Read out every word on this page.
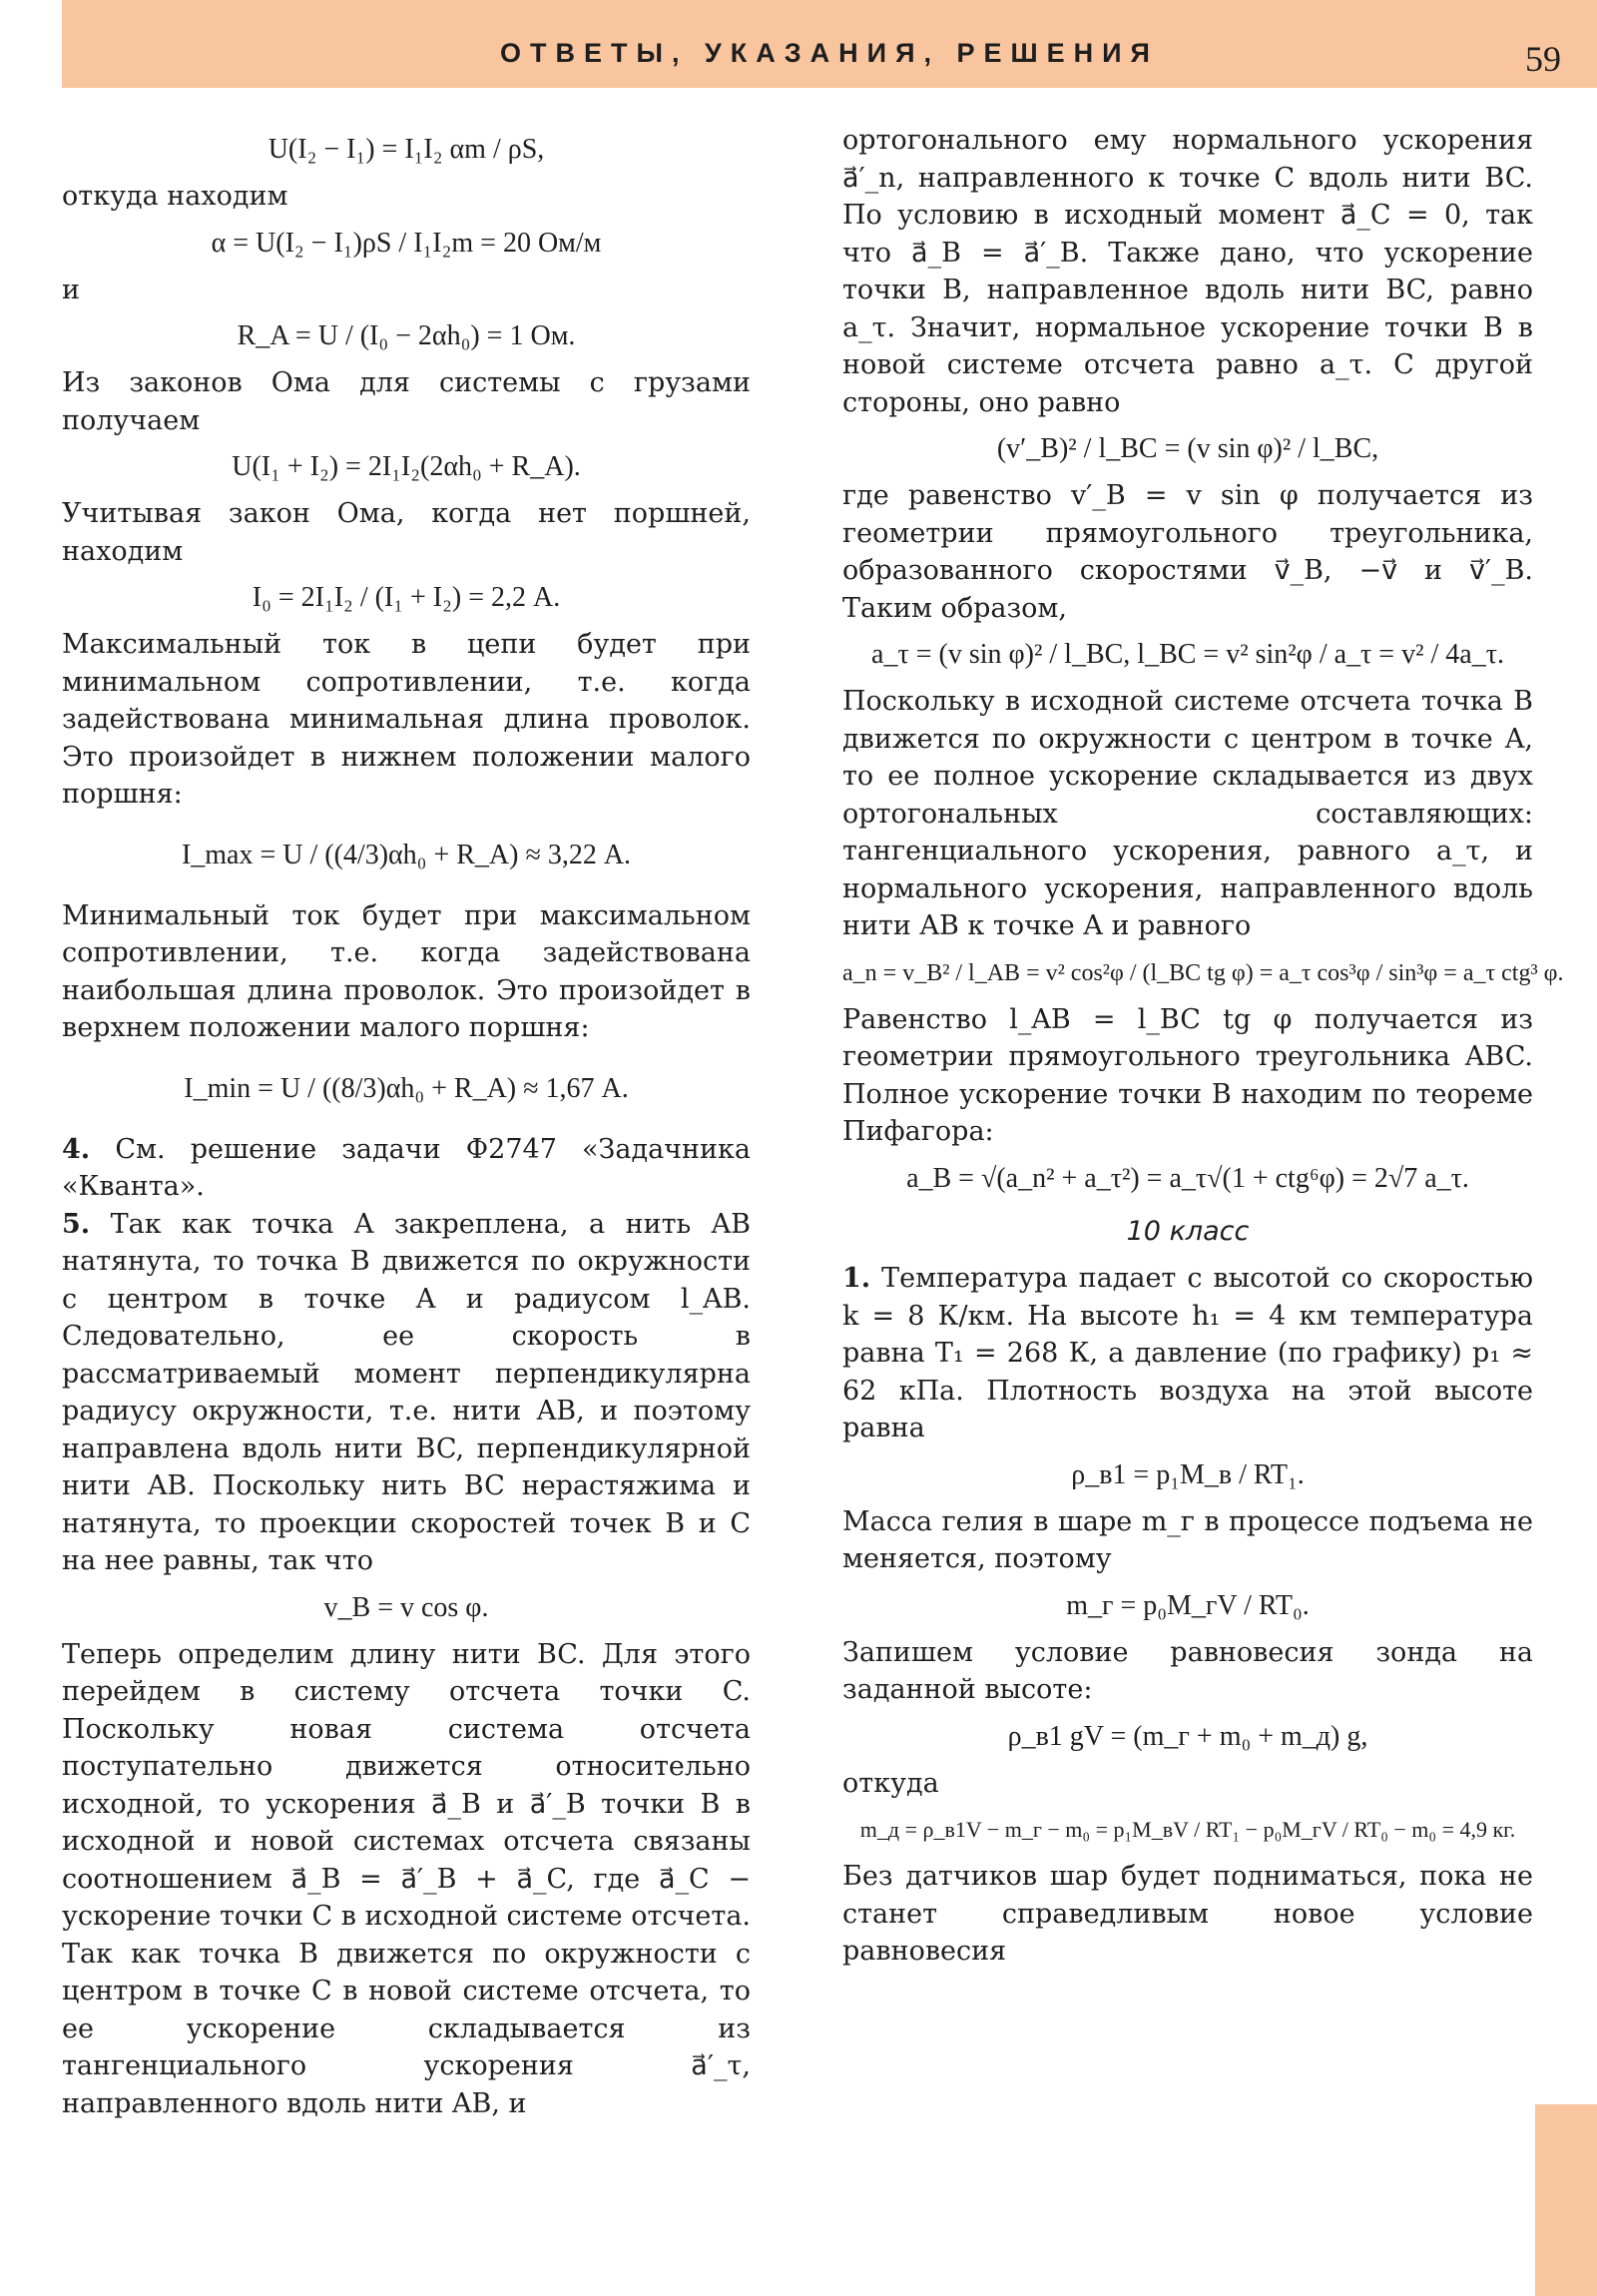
ОТВЕТЫ, УКАЗАНИЯ, РЕШЕНИЯ	59
U(I₂ − I₁) = I₁I₂ αm / ρS,

откуда находим

α = U(I₂ − I₁)ρS / I₁I₂m = 20 Ом/м

и

R_A = U / (I₀ − 2αh₀) = 1 Ом.

Из законов Ома для системы с грузами получаем

U(I₁ + I₂) = 2I₁I₂(2αh₀ + R_A).

Учитывая закон Ома, когда нет поршней, находим

I₀ = 2I₁I₂ / (I₁ + I₂) = 2,2 А.

Максимальный ток в цепи будет при минимальном сопротивлении, т.е. когда задействована минимальная длина проволок. Это произойдет в нижнем положении малого поршня:

I_max = U / ((4/3)αh₀ + R_A) ≈ 3,22 А.

Минимальный ток будет при максимальном сопротивлении, т.е. когда задействована наибольшая длина проволок. Это произойдет в верхнем положении малого поршня:

I_min = U / ((8/3)αh₀ + R_A) ≈ 1,67 А.

4. См. решение задачи Ф2747 «Задачника «Кванта».

5. Так как точка A закреплена, а нить AB натянута, то точка B движется по окружности с центром в точке A и радиусом l_AB. Следовательно, ее скорость в рассматриваемый момент перпендикулярна радиусу окружности, т.е. нити AB, и поэтому направлена вдоль нити BC, перпендикулярной нити AB. Поскольку нить BC нерастяжима и натянута, то проекции скоростей точек B и C на нее равны, так что

v_B = v cos φ.

Теперь определим длину нити BC. Для этого перейдем в систему отсчета точки C. Поскольку новая система отсчета поступательно движется относительно исходной, то ускорения a⃗_B и a⃗′_B точки B в исходной и новой системах отсчета связаны соотношением a⃗_B = a⃗′_B + a⃗_C, где a⃗_C − ускорение точки C в исходной системе отсчета. Так как точка B движется по окружности с центром в точке C в новой системе отсчета, то ее ускорение складывается из тангенциального ускорения a⃗′_τ, направленного вдоль нити AB, и

ортогонального ему нормального ускорения a⃗′_n, направленного к точке C вдоль нити BC. По условию в исходный момент a⃗_C = 0, так что a⃗_B = a⃗′_B. Также дано, что ускорение точки B, направленное вдоль нити BC, равно a_τ. Значит, нормальное ускорение точки B в новой системе отсчета равно a_τ. С другой стороны, оно равно

(v′_B)² / l_BC = (v sin φ)² / l_BC,

где равенство v′_B = v sin φ получается из геометрии прямоугольного треугольника, образованного скоростями v⃗_B, −v⃗ и v⃗′_B. Таким образом,

a_τ = (v sin φ)² / l_BC, l_BC = v² sin²φ / a_τ = v² / 4a_τ.

Поскольку в исходной системе отсчета точка B движется по окружности с центром в точке A, то ее полное ускорение складывается из двух ортогональных составляющих: тангенциального ускорения, равного a_τ, и нормального ускорения, направленного вдоль нити AB к точке A и равного

a_n = v_B² / l_AB = v² cos²φ / (l_BC tg φ) = a_τ cos³φ / sin³φ = a_τ ctg³ φ.

Равенство l_AB = l_BC tg φ получается из геометрии прямоугольного треугольника ABC. Полное ускорение точки B находим по теореме Пифагора:

a_B = √(a_n² + a_τ²) = a_τ√(1 + ctg⁶φ) = 2√7 a_τ.
10 класс

1. Температура падает с высотой со скоростью k = 8 К/км. На высоте h₁ = 4 км температура равна T₁ = 268 К, а давление (по графику) p₁ ≈ 62 кПа. Плотность воздуха на этой высоте равна

ρ_в1 = p₁M_в / RT₁.

Масса гелия в шаре m_г в процессе подъема не меняется, поэтому

m_г = p₀M_гV / RT₀.

Запишем условие равновесия зонда на заданной высоте:

ρ_в1 gV = (m_г + m₀ + m_д) g,

откуда

m_д = ρ_в1V − m_г − m₀ = p₁M_вV / RT₁ − p₀M_гV / RT₀ − m₀ = 4,9 кг.

Без датчиков шар будет подниматься, пока не станет справедливым новое условие равновесия
